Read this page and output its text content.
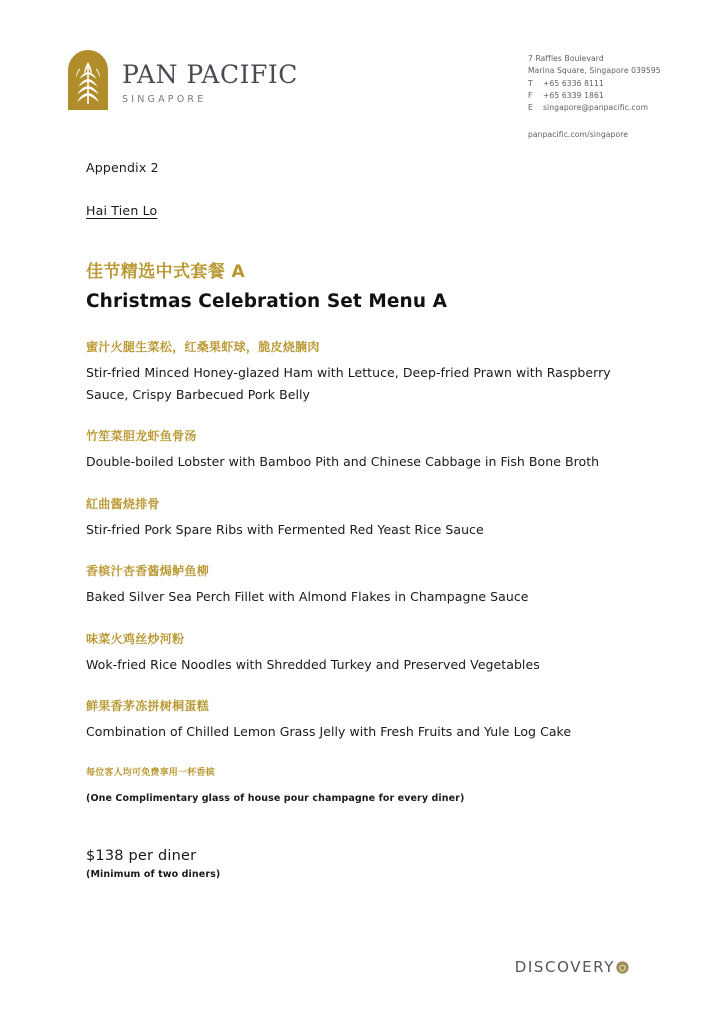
PAN PACIFIC
SINGAPORE
7 Raffles Boulevard
Marina Square, Singapore 039595
T	+65 6336 8111
F	+65 6339 1861
E	singapore@panpacific.com
panpacific.com/singapore
Appendix 2
Hai Tien Lo
佳节精选中式套餐 A
Christmas Celebration Set Menu A
蜜汁火腿生菜松，红桑果虾球，脆皮烧腩肉
Stir-fried Minced Honey-glazed Ham with Lettuce, Deep-fried Prawn with Raspberry Sauce, Crispy Barbecued Pork Belly
竹笙菜胆龙虾鱼骨汤
Double-boiled Lobster with Bamboo Pith and Chinese Cabbage in Fish Bone Broth
紅曲酱烧排骨
Stir-fried Pork Spare Ribs with Fermented Red Yeast Rice Sauce
香槟汁杏香酱焗鲈鱼柳
Baked Silver Sea Perch Fillet with Almond Flakes in Champagne Sauce
味菜火鸡丝炒河粉
Wok-fried Rice Noodles with Shredded Turkey and Preserved Vegetables
鲜果香茅冻拼树桐蛋糕
Combination of Chilled Lemon Grass Jelly with Fresh Fruits and Yule Log Cake
每位客人均可免费享用一杯香槟
(One Complimentary glass of house pour champagne for every diner)
$138 per diner
(Minimum of two diners)
DISCOVERY
